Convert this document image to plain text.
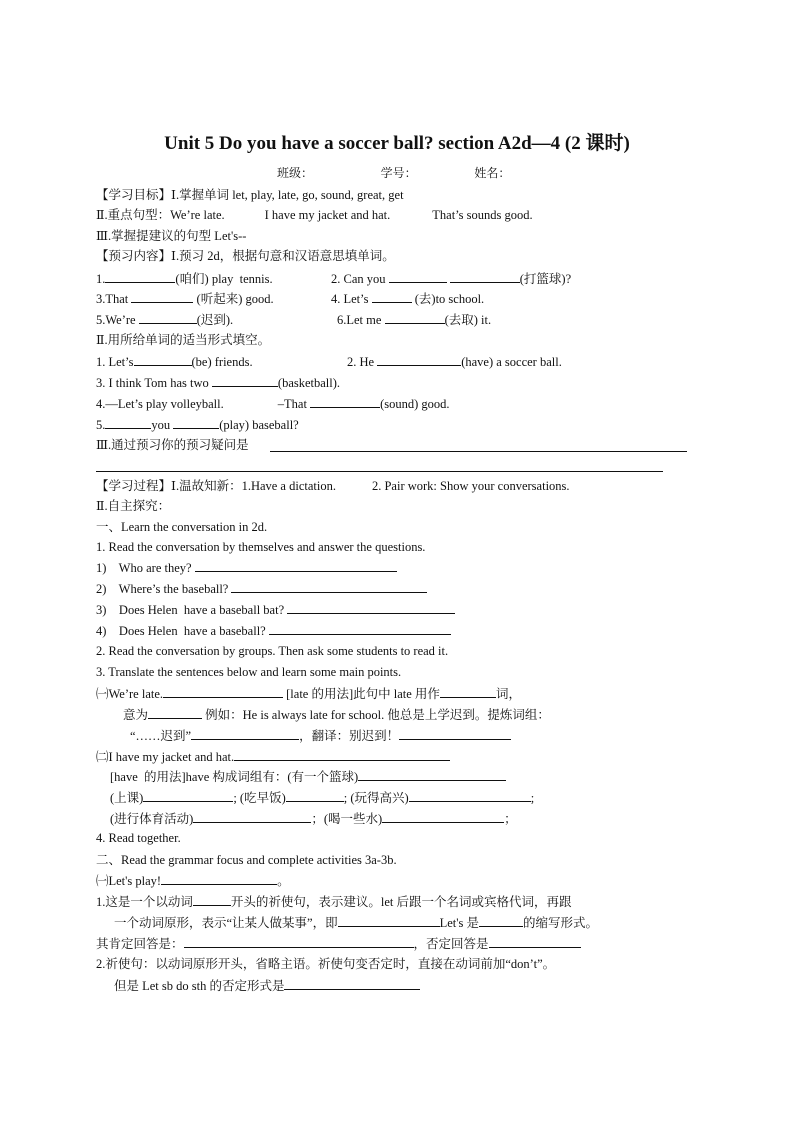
Unit 5 Do you have a soccer ball? section A2d—4 (2 课时)
班级：	学号：	姓名：
【学习目标】Ⅰ.掌握单词 let, play, late, go, sound, great, get
Ⅱ.重点句型：We’re late.	I have my jacket and hat.	That’s sounds good.
Ⅲ.掌握提建议的句型 Let's--
【预习内容】Ⅰ.预习 2d，根据句意和汉语意思填单词。
1.	(咱们) play  tennis.	2. Can you	(打篮球)?
3.That	(听起来) good.	4. Let’s	(去)to school.
5.We’re	(迟到).	6.Let me	(去取) it.
Ⅱ.用所给单词的适当形式填空。
1. Let’s	(be) friends.	2. He	(have) a soccer ball.
3. I think Tom has two	(basketball).
4.—Let’s play volleyball.	–That	(sound) good.
5.	you	(play) baseball?
Ⅲ.通过预习你的预习疑问是
【学习过程】Ⅰ.温故知新：1.Have a dictation.	2. Pair work: Show your conversations.
Ⅱ.自主探究：
一、Learn the conversation in 2d.
1. Read the conversation by themselves and answer the questions.
1)    Who are they?
2)    Where’s the baseball?
3)    Does Helen  have a baseball bat?
4)    Does Helen  have a baseball?
2. Read the conversation by groups. Then ask some students to read it.
3. Translate the sentences below and learn some main points.
㈠We’re late.	[late 的用法]此句中 late 用作	词，
意为	例如：He is always late for school. 他总是上学迟到。提炼词组：
“……迟到”	，翻译：别迟到！
㈡I have my jacket and hat.
[have  的用法]have 构成词组有：(有一个篮球)
(上课)	; (吃早饭)	; (玩得高兴)	;
(进行体育活动)	；(喝一些水)	；
4. Read together.
二、Read the grammar focus and complete activities 3a-3b.
㈠Let's play!	。
1.这是一个以动词	开头的祈使句，表示建议。let 后跟一个名词或宾格代词，再跟
一个动词原形，表示“让某人做某事”，即	Let's 是	的缩写形式。
其肯定回答是：	，否定回答是
2.祈使句：以动词原形开头，省略主语。祈使句变否定时，直接在动词前加“don’t”。
但是 Let sb do sth 的否定形式是
